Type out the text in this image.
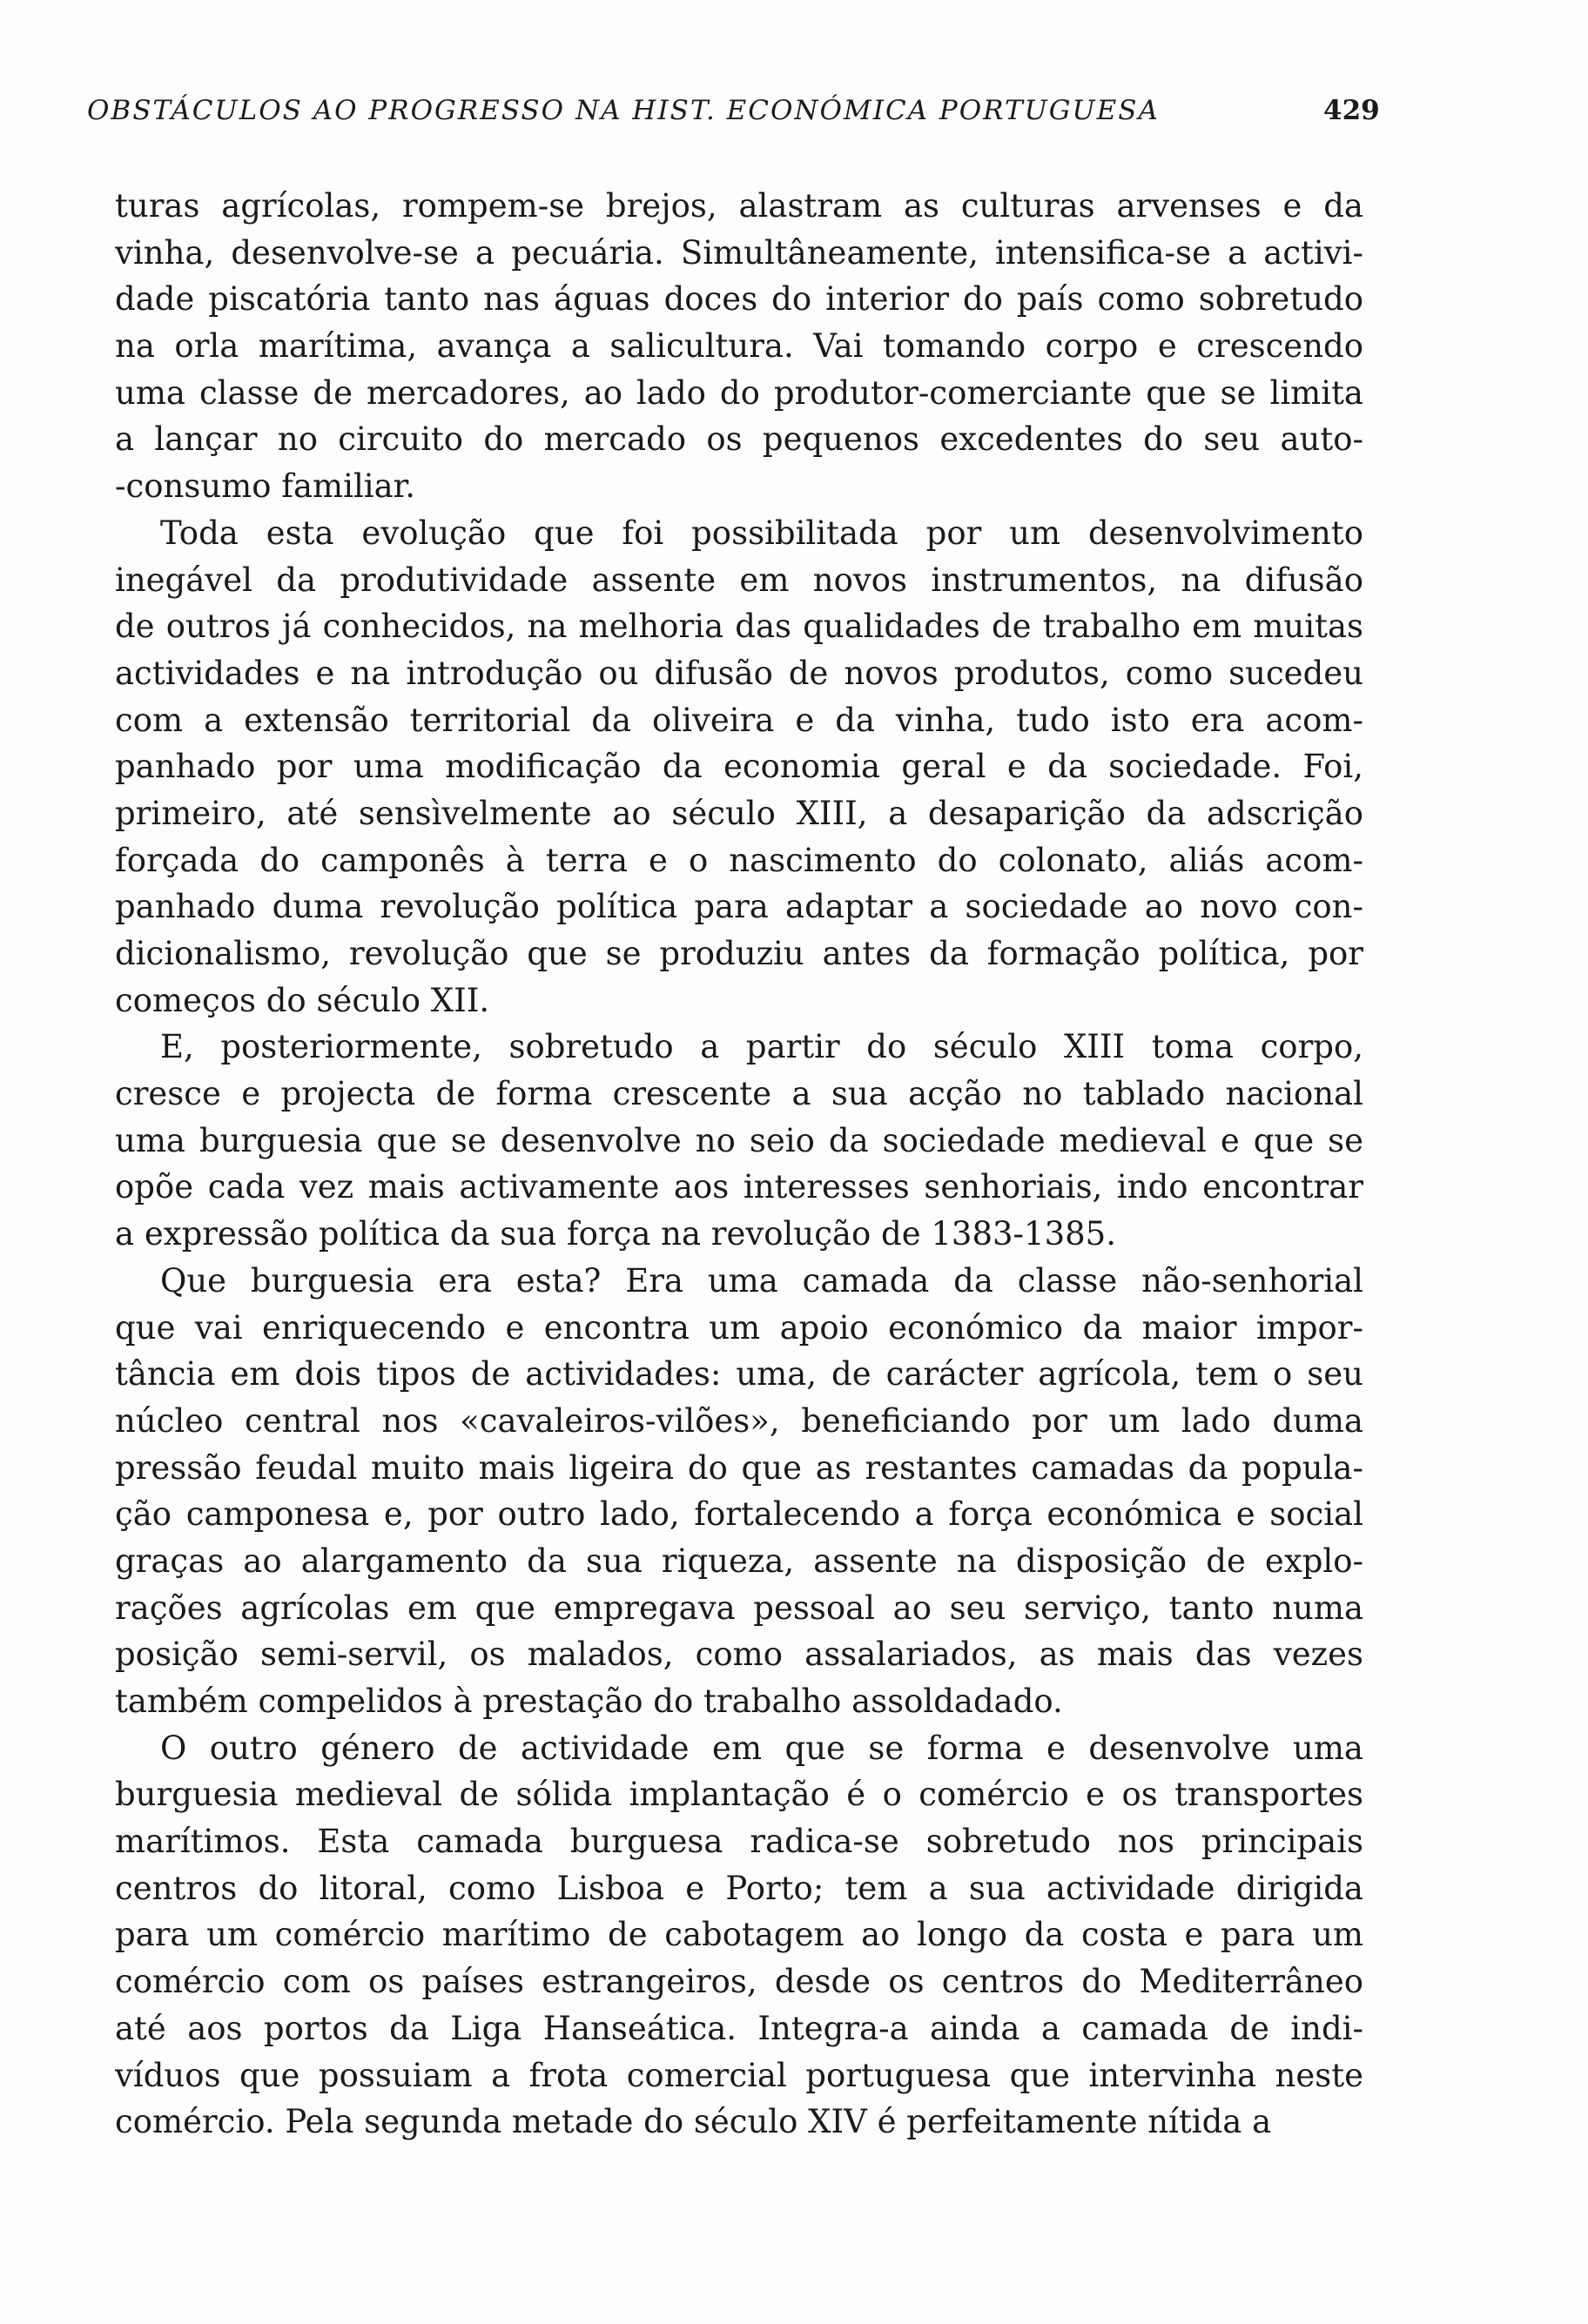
OBSTÁCULOS AO PROGRESSO NA HIST. ECONÓMICA PORTUGUESA	429
turas agrícolas, rompem-se brejos, alastram as culturas arvenses e da
vinha, desenvolve-se a pecuária. Simultâneamente, intensifica-se a activi-
dade piscatória tanto nas águas doces do interior do país como sobretudo
na orla marítima, avança a salicultura. Vai tomando corpo e crescendo
uma classe de mercadores, ao lado do produtor-comerciante que se limita
a lançar no circuito do mercado os pequenos excedentes do seu auto-
-consumo familiar.
Toda esta evolução que foi possibilitada por um desenvolvimento
inegável da produtividade assente em novos instrumentos, na difusão
de outros já conhecidos, na melhoria das qualidades de trabalho em muitas
actividades e na introdução ou difusão de novos produtos, como sucedeu
com a extensão territorial da oliveira e da vinha, tudo isto era acom-
panhado por uma modificação da economia geral e da sociedade. Foi,
primeiro, até sensìvelmente ao século XIII, a desaparição da adscrição
forçada do camponês à terra e o nascimento do colonato, aliás acom-
panhado duma revolução política para adaptar a sociedade ao novo con-
dicionalismo, revolução que se produziu antes da formação política, por
começos do século XII.
E, posteriormente, sobretudo a partir do século XIII toma corpo,
cresce e projecta de forma crescente a sua acção no tablado nacional
uma burguesia que se desenvolve no seio da sociedade medieval e que se
opõe cada vez mais activamente aos interesses senhoriais, indo encontrar
a expressão política da sua força na revolução de 1383-1385.
Que burguesia era esta? Era uma camada da classe não-senhorial
que vai enriquecendo e encontra um apoio económico da maior impor-
tância em dois tipos de actividades: uma, de carácter agrícola, tem o seu
núcleo central nos «cavaleiros-vilões», beneficiando por um lado duma
pressão feudal muito mais ligeira do que as restantes camadas da popula-
ção camponesa e, por outro lado, fortalecendo a força económica e social
graças ao alargamento da sua riqueza, assente na disposição de explo-
rações agrícolas em que empregava pessoal ao seu serviço, tanto numa
posição semi-servil, os malados, como assalariados, as mais das vezes
também compelidos à prestação do trabalho assoldadado.
O outro género de actividade em que se forma e desenvolve uma
burguesia medieval de sólida implantação é o comércio e os transportes
marítimos. Esta camada burguesa radica-se sobretudo nos principais
centros do litoral, como Lisboa e Porto; tem a sua actividade dirigida
para um comércio marítimo de cabotagem ao longo da costa e para um
comércio com os países estrangeiros, desde os centros do Mediterrâneo
até aos portos da Liga Hanseática. Integra-a ainda a camada de indi-
víduos que possuiam a frota comercial portuguesa que intervinha neste
comércio. Pela segunda metade do século XIV é perfeitamente nítida a
